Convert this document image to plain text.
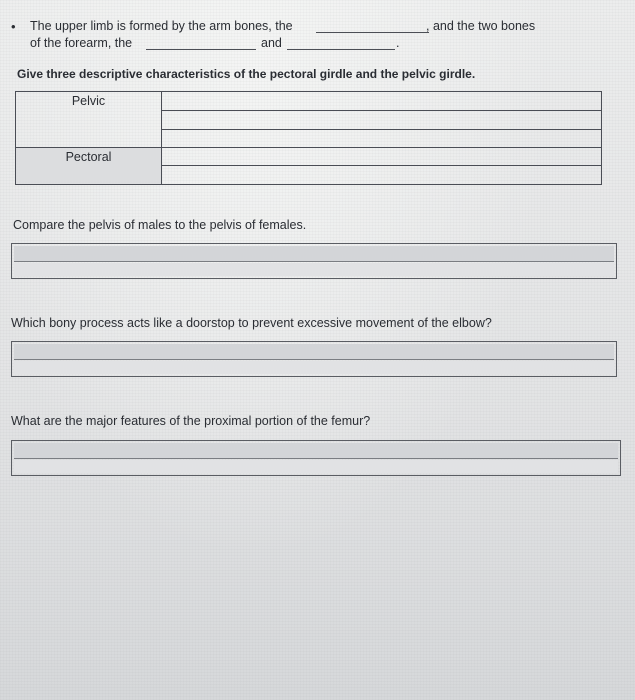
• The upper limb is formed by the arm bones, the	, and the two bones
of the forearm, the	and	.
Give three descriptive characteristics of the pectoral girdle and the pelvic girdle.
Pelvic	

Pectoral	

Compare the pelvis of males to the pelvis of females.
Which bony process acts like a doorstop to prevent excessive movement of the elbow?
What are the major features of the proximal portion of the femur?
